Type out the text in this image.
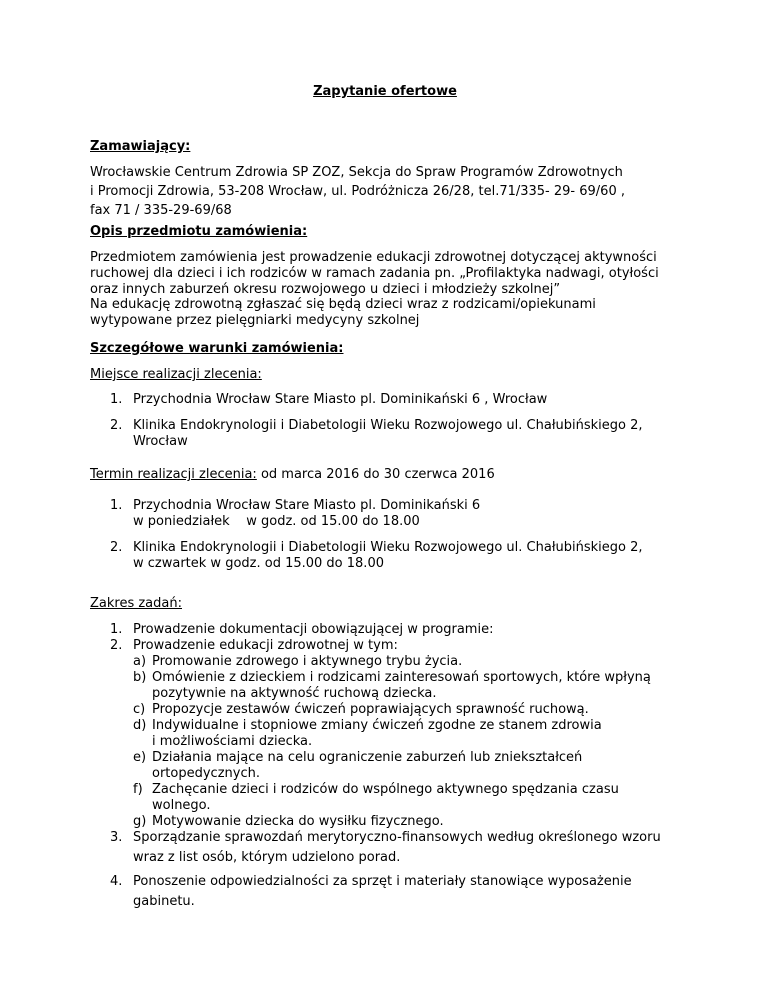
Zapytanie ofertowe
Zamawiający:
Wrocławskie Centrum Zdrowia SP ZOZ, Sekcja do Spraw Programów Zdrowotnych
i Promocji Zdrowia, 53-208 Wrocław, ul. Podróżnicza 26/28, tel.71/335- 29- 69/60 ,
fax 71 / 335-29-69/68
Opis przedmiotu zamówienia:
Przedmiotem zamówienia jest prowadzenie edukacji zdrowotnej dotyczącej aktywności
ruchowej dla dzieci i ich rodziców w ramach zadania pn. „Profilaktyka nadwagi, otyłości
oraz innych zaburzeń okresu rozwojowego u dzieci i młodzieży szkolnej”
Na edukację zdrowotną zgłaszać się będą dzieci wraz z rodzicami/opiekunami
wytypowane przez pielęgniarki medycyny szkolnej
Szczegółowe warunki zamówienia:
Miejsce realizacji zlecenia:
1. Przychodnia Wrocław Stare Miasto pl. Dominikański 6 , Wrocław
2. Klinika Endokrynologii i Diabetologii Wieku Rozwojowego ul. Chałubińskiego 2,
Wrocław
Termin realizacji zlecenia: od marca 2016 do 30 czerwca 2016
1. Przychodnia Wrocław Stare Miasto pl. Dominikański 6
w poniedziałek    w godz. od 15.00 do 18.00
2. Klinika Endokrynologii i Diabetologii Wieku Rozwojowego ul. Chałubińskiego 2,
w czwartek w godz. od 15.00 do 18.00
Zakres zadań:
1. Prowadzenie dokumentacji obowiązującej w programie:
2. Prowadzenie edukacji zdrowotnej w tym:
a) Promowanie zdrowego i aktywnego trybu życia.
b) Omówienie z dzieckiem i rodzicami zainteresowań sportowych, które wpłyną
pozytywnie na aktywność ruchową dziecka.
c) Propozycje zestawów ćwiczeń poprawiających sprawność ruchową.
d) Indywidualne i stopniowe zmiany ćwiczeń zgodne ze stanem zdrowia
i możliwościami dziecka.
e) Działania mające na celu ograniczenie zaburzeń lub zniekształceń
ortopedycznych.
f) Zachęcanie dzieci i rodziców do wspólnego aktywnego spędzania czasu
wolnego.
g) Motywowanie dziecka do wysiłku fizycznego.
3. Sporządzanie sprawozdań merytoryczno-finansowych według określonego wzoru
wraz z list osób, którym udzielono porad.
4. Ponoszenie odpowiedzialności za sprzęt i materiały stanowiące wyposażenie
gabinetu.
